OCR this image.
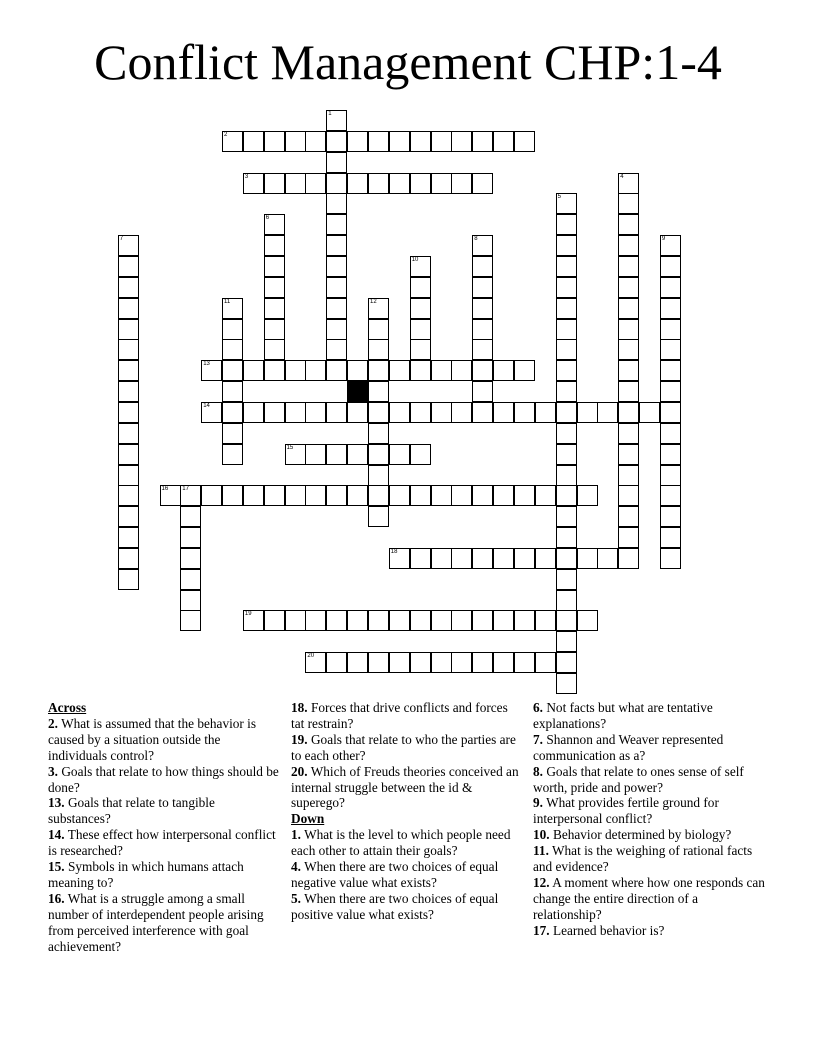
Conflict Management CHP:1-4
1
2
3	4
5
6
7	8	9
10
11	12
13
14
15
16 17
18
19
20
Across
2. What is assumed that the behavior is caused by a situation outside the individuals control?
3. Goals that relate to how things should be done?
13. Goals that relate to tangible substances?
14. These effect how interpersonal conflict is researched?
15. Symbols in which humans attach meaning to?
16. What is a struggle among a small number of interdependent people arising from perceived interference with goal achievement?
18. Forces that drive conflicts and forces tat restrain?
19. Goals that relate to who the parties are to each other?
20. Which of Freuds theories conceived an internal struggle between the id & superego?
Down
1. What is the level to which people need each other to attain their goals?
4. When there are two choices of equal negative value what exists?
5. When there are two choices of equal positive value what exists?
6. Not facts but what are tentative explanations?
7. Shannon and Weaver represented communication as a?
8. Goals that relate to ones sense of self worth, pride and power?
9. What provides fertile ground for interpersonal conflict?
10. Behavior determined by biology?
11. What is the weighing of rational facts and evidence?
12. A moment where how one responds can change the entire direction of a relationship?
17. Learned behavior is?
